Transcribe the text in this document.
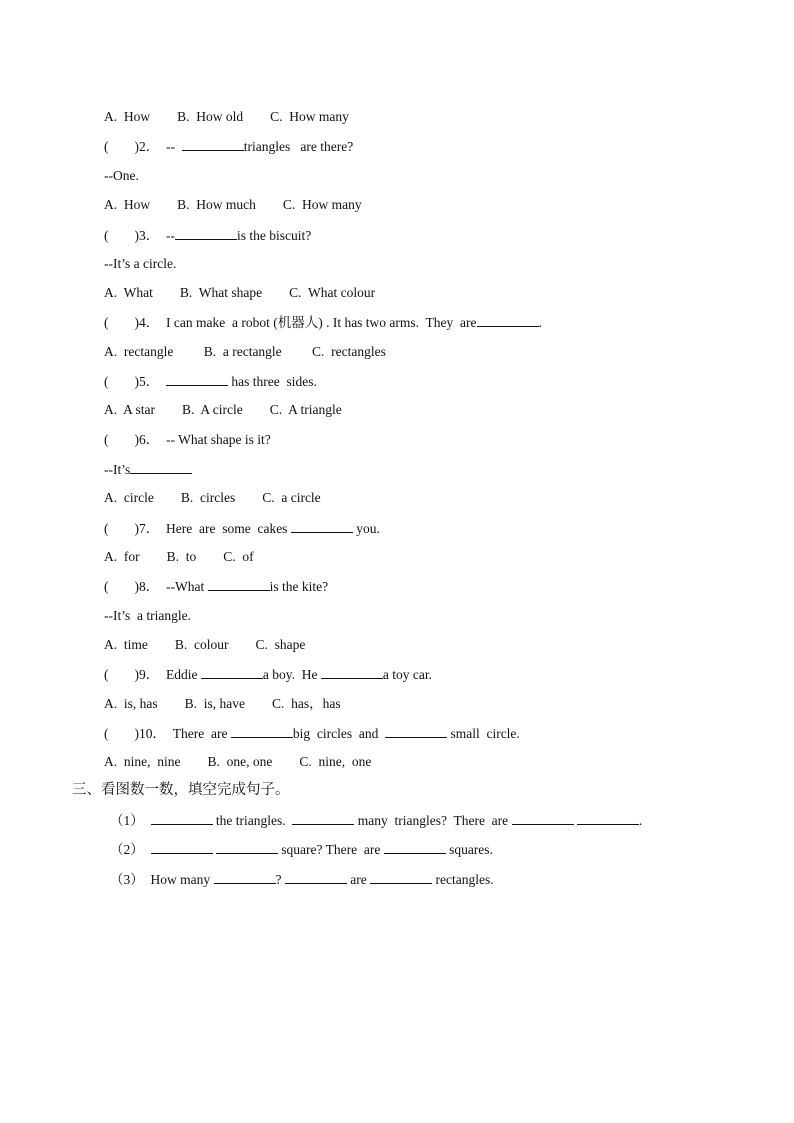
A.  How        B.  How old        C.  How many
( )2．  --	triangles   are there?
--One.
A.  How        B.  How much        C.  How many
( )3．  --	is the biscuit?
--It’s a circle.
A.  What        B.  What shape        C.  What colour
( )4．  I can make  a robot (机器人) . It has two arms.  They  are	.
A.  rectangle         B.  a rectangle         C.  rectangles
( )5．	has three  sides.
A.  A star        B.  A circle        C.  A triangle
( )6．  -- What shape is it?
--It’s
A.  circle        B.  circles        C.  a circle
( )7．  Here  are  some  cakes	you.
A.  for        B.  to        C.  of
( )8．  --What	is the kite?
--It’s  a triangle.
A.  time        B.  colour        C.  shape
( )9．  Eddie	a boy.  He	a toy car.
A.  is, has        B.  is, have        C.  has，has
( )10．  There  are	big  circles  and	small  circle.
A.  nine,  nine        B.  one, one        C.  nine,  one
三、看图数一数，填空完成句子。
（1）	the triangles.	many  triangles?  There  are	.
（2）	square? There  are	squares.
（3）  How many	?	are	rectangles.
